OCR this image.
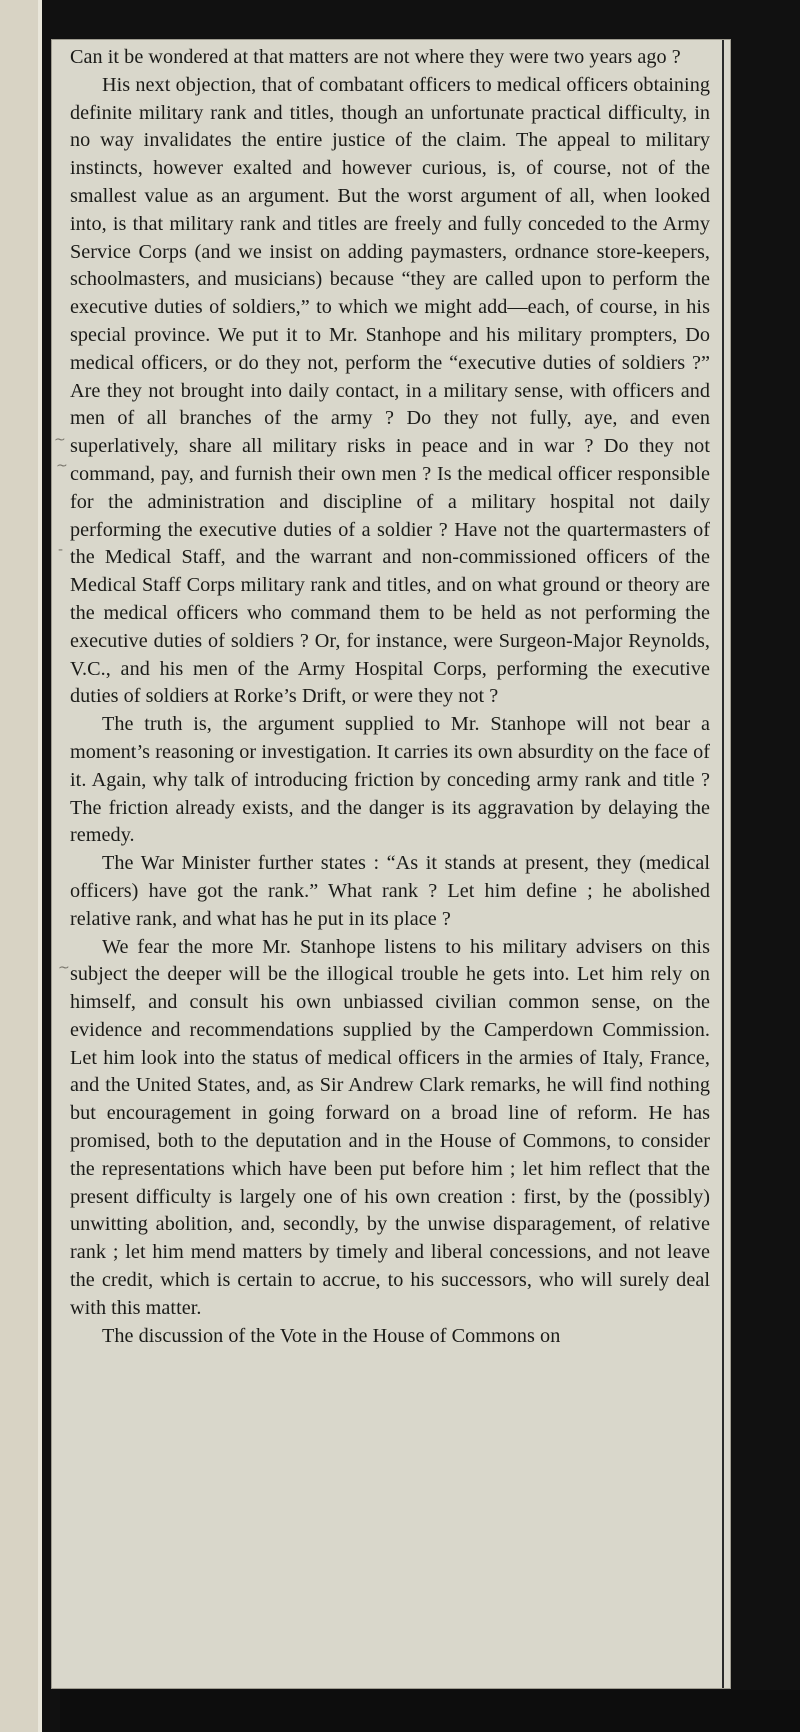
~
~
-
~

Can it be wondered at that matters are not where they were two years ago ?

His next objection, that of combatant officers to medical officers obtaining definite military rank and titles, though an unfortunate practical difficulty, in no way invalidates the entire justice of the claim. The appeal to military instincts, however exalted and however curious, is, of course, not of the smallest value as an argument. But the worst argument of all, when looked into, is that military rank and titles are freely and fully conceded to the Army Service Corps (and we insist on adding paymasters, ordnance store-keepers, schoolmasters, and musicians) because “they are called upon to perform the executive duties of soldiers,” to which we might add—each, of course, in his special province. We put it to Mr. Stanhope and his military prompters, Do medical officers, or do they not, perform the “executive duties of soldiers ?” Are they not brought into daily contact, in a military sense, with officers and men of all branches of the army ? Do they not fully, aye, and even superlatively, share all military risks in peace and in war ? Do they not command, pay, and furnish their own men ? Is the medical officer responsible for the administration and discipline of a military hospital not daily performing the executive duties of a soldier ? Have not the quartermasters of the Medical Staff, and the warrant and non-commissioned officers of the Medical Staff Corps military rank and titles, and on what ground or theory are the medical officers who command them to be held as not performing the executive duties of soldiers ? Or, for instance, were Surgeon-Major Reynolds, V.C., and his men of the Army Hospital Corps, performing the executive duties of soldiers at Rorke’s Drift, or were they not ?

The truth is, the argument supplied to Mr. Stanhope will not bear a moment’s reasoning or investigation. It carries its own absurdity on the face of it. Again, why talk of introducing friction by conceding army rank and title ? The friction already exists, and the danger is its aggravation by delaying the remedy.

The War Minister further states : “As it stands at present, they (medical officers) have got the rank.” What rank ? Let him define ; he abolished relative rank, and what has he put in its place ?

We fear the more Mr. Stanhope listens to his military advisers on this subject the deeper will be the illogical trouble he gets into. Let him rely on himself, and consult his own unbiassed civilian common sense, on the evidence and recommendations supplied by the Camperdown Commission. Let him look into the status of medical officers in the armies of Italy, France, and the United States, and, as Sir Andrew Clark remarks, he will find nothing but encouragement in going forward on a broad line of reform. He has promised, both to the deputation and in the House of Commons, to consider the representations which have been put before him ; let him reflect that the present difficulty is largely one of his own creation : first, by the (possibly) unwitting abolition, and, secondly, by the unwise disparagement, of relative rank ; let him mend matters by timely and liberal concessions, and not leave the credit, which is certain to accrue, to his successors, who will surely deal with this matter.

The discussion of the Vote in the House of Commons on
